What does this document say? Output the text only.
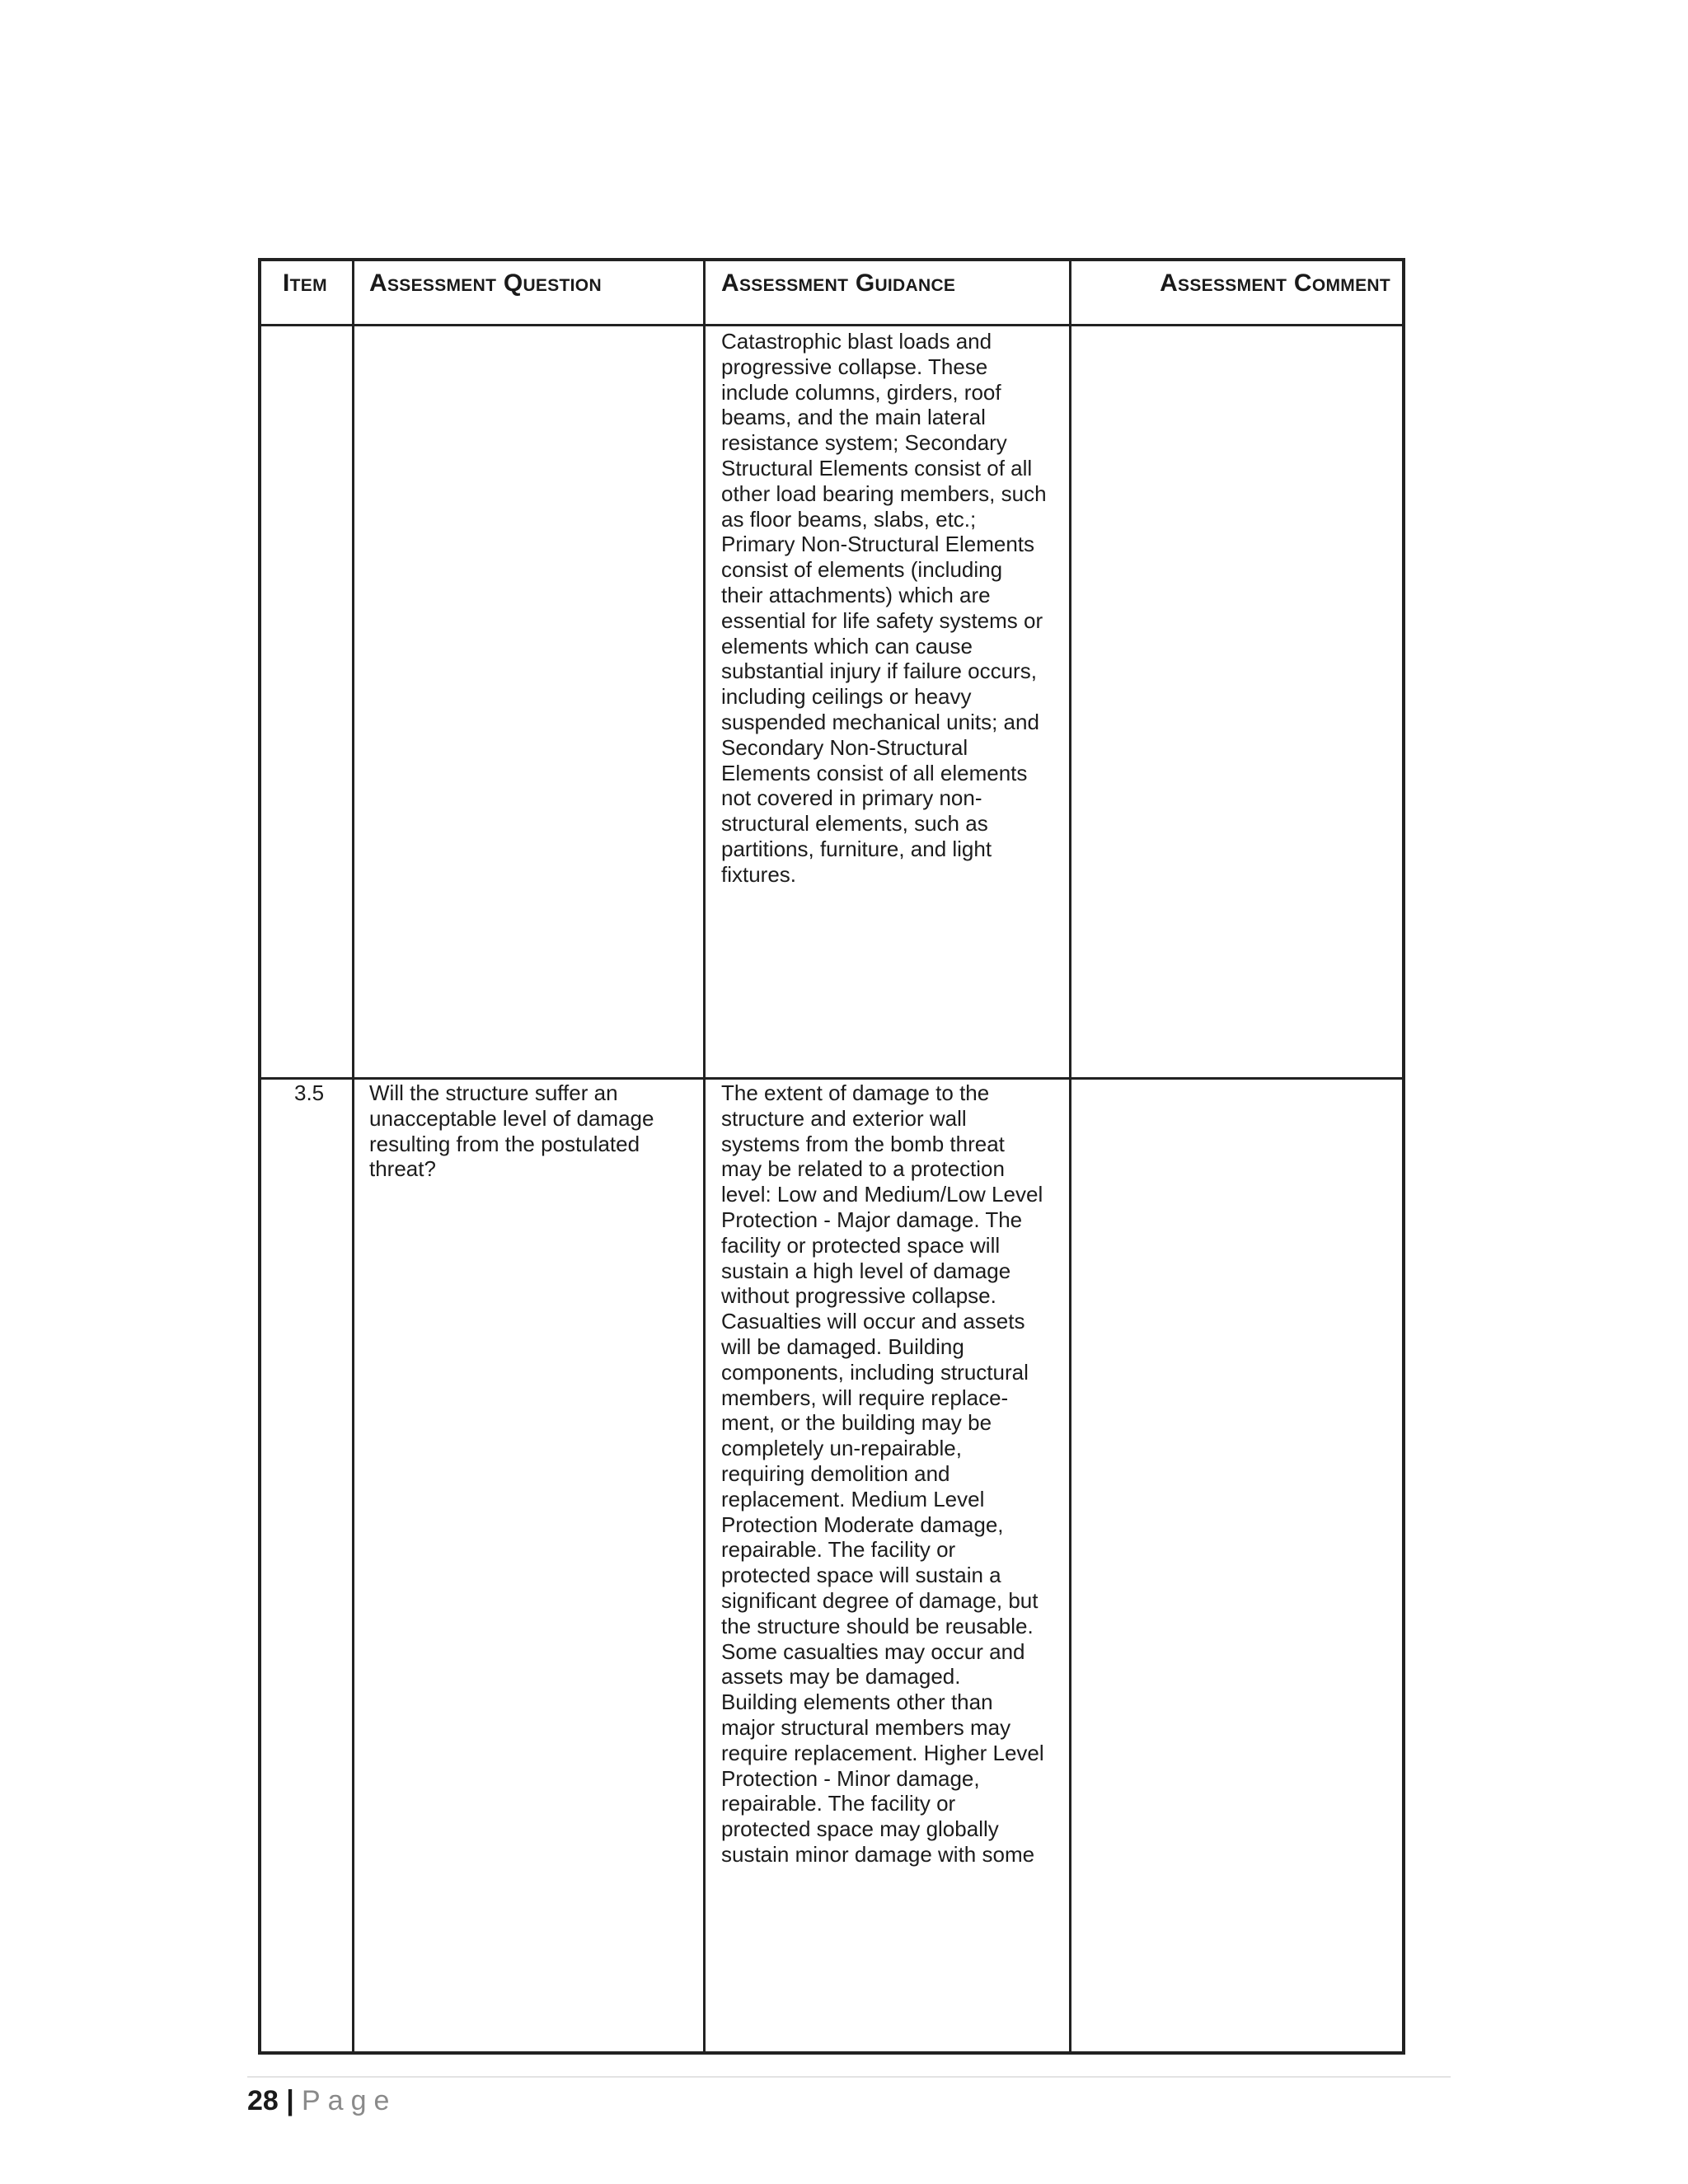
Item Assessment Question	Assessment Guidance	Assessment Comment
Catastrophic blast loads and
progressive collapse. These
include columns, girders, roof
beams, and the main lateral
resistance system; Secondary
Structural Elements consist of all
other load bearing members, such
as floor beams, slabs, etc.;
Primary Non-Structural Elements
consist of elements (including
their attachments) which are
essential for life safety systems or
elements which can cause
substantial injury if failure occurs,
including ceilings or heavy
suspended mechanical units; and
Secondary Non-Structural
Elements consist of all elements
not covered in primary non-
structural elements, such as
partitions, furniture, and light
fixtures.
3.5 Will the structure suffer an
unacceptable level of damage
resulting from the postulated
threat?
The extent of damage to the
structure and exterior wall
systems from the bomb threat
may be related to a protection
level: Low and Medium/Low Level
Protection - Major damage. The
facility or protected space will
sustain a high level of damage
without progressive collapse.
Casualties will occur and assets
will be damaged. Building
components, including structural
members, will require replace-
ment, or the building may be
completely un-repairable,
requiring demolition and
replacement. Medium Level
Protection Moderate damage,
repairable. The facility or
protected space will sustain a
significant degree of damage, but
the structure should be reusable.
Some casualties may occur and
assets may be damaged.
Building elements other than
major structural members may
require replacement. Higher Level
Protection - Minor damage,
repairable. The facility or
protected space may globally
sustain minor damage with some
28 | Page
